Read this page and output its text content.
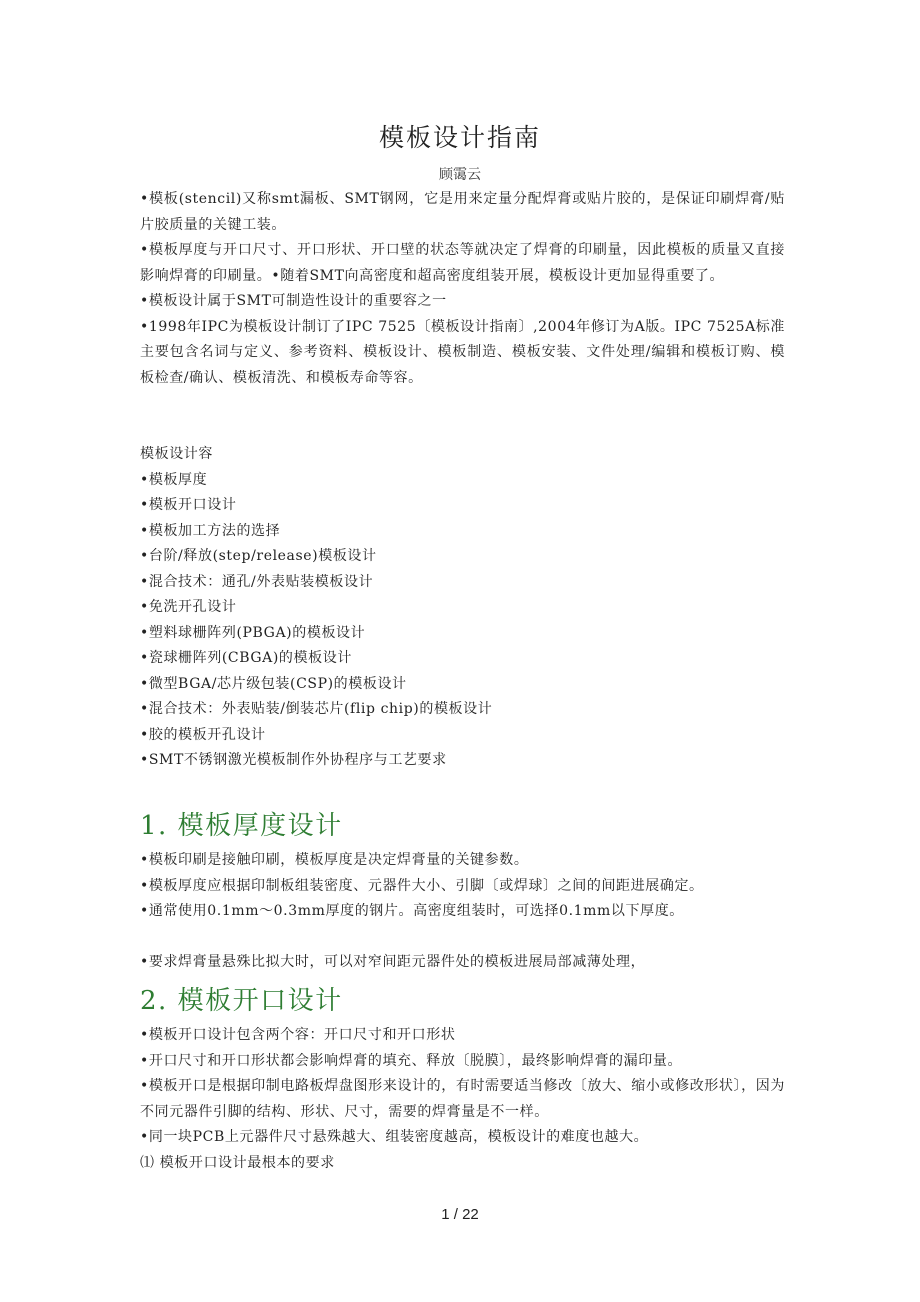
模板设计指南
顾霭云

•模板(stencil)又称smt漏板、SMT钢网，它是用来定量分配焊膏或贴片胶的，是保证印刷焊膏/贴片胶质量的关键工装。

•模板厚度与开口尺寸、开口形状、开口壁的状态等就决定了焊膏的印刷量，因此模板的质量又直接影响焊膏的印刷量。•随着SMT向高密度和超高密度组装开展，模板设计更加显得重要了。

•模板设计属于SMT可制造性设计的重要容之一

•1998年IPC为模板设计制订了IPC 7525〔模板设计指南〕,2004年修订为A版。IPC 7525A标准主要包含名词与定义、参考资料、模板设计、模板制造、模板安装、文件处理/编辑和模板订购、模板检查/确认、模板清洗、和模板寿命等容。

模板设计容

•模板厚度

•模板开口设计

•模板加工方法的选择

•台阶/释放(step/release)模板设计

•混合技术：通孔/外表贴装模板设计

•免洗开孔设计

•塑料球栅阵列(PBGA)的模板设计

•瓷球栅阵列(CBGA)的模板设计

•微型BGA/芯片级包装(CSP)的模板设计

•混合技术：外表贴装/倒装芯片(flip chip)的模板设计

•胶的模板开孔设计

•SMT不锈钢激光模板制作外协程序与工艺要求

1. 模板厚度设计

•模板印刷是接触印刷，模板厚度是决定焊膏量的关键参数。

•模板厚度应根据印制板组装密度、元器件大小、引脚〔或焊球〕之间的间距进展确定。

•通常使用0.1mm～0.3mm厚度的钢片。高密度组装时，可选择0.1mm以下厚度。

•要求焊膏量悬殊比拟大时，可以对窄间距元器件处的模板进展局部减薄处理，

2. 模板开口设计

•模板开口设计包含两个容：开口尺寸和开口形状

•开口尺寸和开口形状都会影响焊膏的填充、释放〔脱膜〕，最终影响焊膏的漏印量。

•模板开口是根据印制电路板焊盘图形来设计的，有时需要适当修改〔放大、缩小或修改形状〕，因为不同元器件引脚的结构、形状、尺寸，需要的焊膏量是不一样。

•同一块PCB上元器件尺寸悬殊越大、组装密度越高，模板设计的难度也越大。

⑴ 模板开口设计最根本的要求

1 / 22
